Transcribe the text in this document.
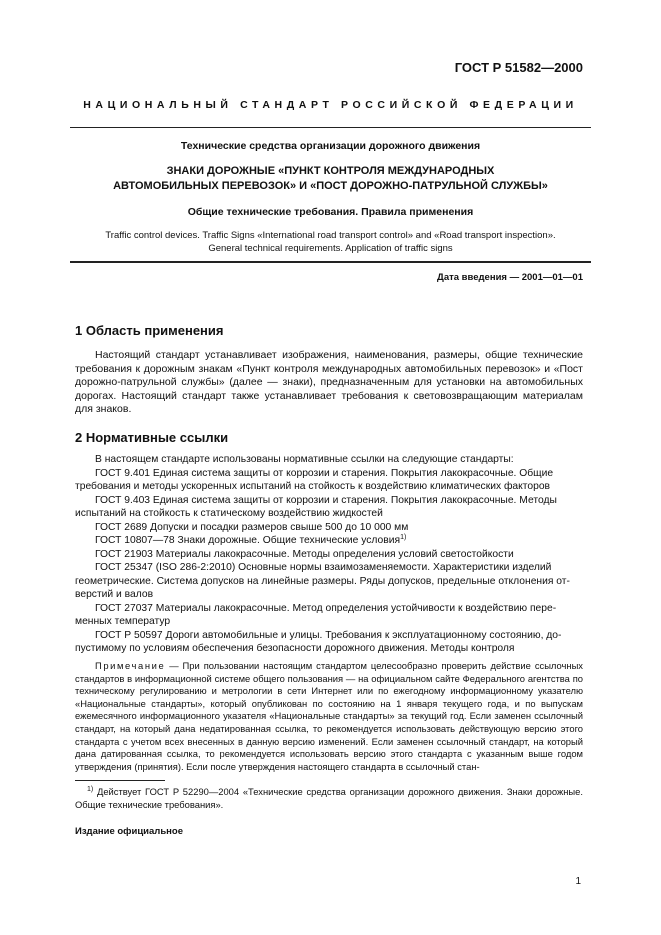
ГОСТ Р 51582—2000
НАЦИОНАЛЬНЫЙ СТАНДАРТ РОССИЙСКОЙ ФЕДЕРАЦИИ
Технические средства организации дорожного движения
ЗНАКИ ДОРОЖНЫЕ «ПУНКТ КОНТРОЛЯ МЕЖДУНАРОДНЫХ
АВТОМОБИЛЬНЫХ ПЕРЕВОЗОК» И «ПОСТ ДОРОЖНО-ПАТРУЛЬНОЙ СЛУЖБЫ»
Общие технические требования. Правила применения
Traffic control devices. Traffic Signs «International road transport control» and «Road transport inspection».
General technical requirements. Application of traffic signs
Дата введения — 2001—01—01
1 Область применения
Настоящий стандарт устанавливает изображения, наименования, размеры, общие технические требования к дорожным знакам «Пункт контроля международных автомобильных перевозок» и «Пост дорожно-патрульной службы» (далее — знаки), предназначенным для установки на автомобильных дорогах. Настоящий стандарт также устанавливает требования к световозвращающим материалам для знаков.
2 Нормативные ссылки
В настоящем стандарте использованы нормативные ссылки на следующие стандарты:
ГОСТ 9.401 Единая система защиты от коррозии и старения. Покрытия лакокрасочные. Общие
требования и методы ускоренных испытаний на стойкость к воздействию климатических факторов
ГОСТ 9.403 Единая система защиты от коррозии и старения. Покрытия лакокрасочные. Методы
испытаний на стойкость к статическому воздействию жидкостей
ГОСТ 2689 Допуски и посадки размеров свыше 500 до 10 000 мм
ГОСТ 10807—78 Знаки дорожные. Общие технические условия$^{1)}$
ГОСТ 21903 Материалы лакокрасочные. Методы определения условий светостойкости
ГОСТ 25347 (ISO 286-2:2010) Основные нормы взаимозаменяемости. Характеристики изделий
геометрические. Система допусков на линейные размеры. Ряды допусков, предельные отклонения от-
верстий и валов
ГОСТ 27037 Материалы лакокрасочные. Метод определения устойчивости к воздействию пере-
менных температур
ГОСТ Р 50597 Дороги автомобильные и улицы. Требования к эксплуатационному состоянию, до-
пустимому по условиям обеспечения безопасности дорожного движения. Методы контроля
Примечание — При пользовании настоящим стандартом целесообразно проверить действие ссылочных стандартов в информационной системе общего пользования — на официальном сайте Федерального агентства по техническому регулированию и метрологии в сети Интернет или по ежегодному информационному указателю «Национальные стандарты», который опубликован по состоянию на 1 января текущего года, и по выпускам ежемесячного информационного указателя «Национальные стандарты» за текущий год. Если заменен ссылочный стандарт, на который дана недатированная ссылка, то рекомендуется использовать действующую версию этого стандарта с учетом всех внесенных в данную версию изменений. Если заменен ссылочный стандарт, на который дана датированная ссылка, то рекомендуется использовать версию этого стандарта с указанным выше годом утверждения (принятия). Если после утверждения настоящего стандарта в ссылочный стан-
$^{1)}$ Действует ГОСТ Р 52290—2004 «Технические средства организации дорожного движения. Знаки дорожные. Общие технические требования».
Издание официальное
1
